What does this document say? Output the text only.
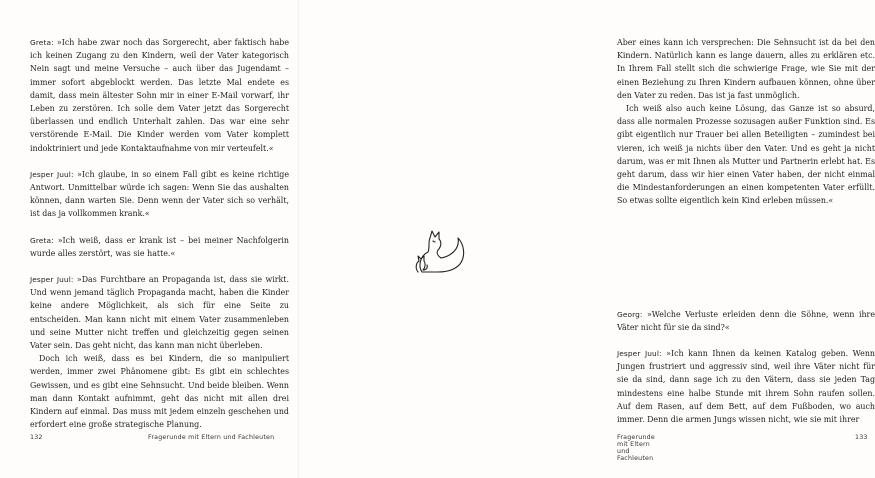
Greta: »Ich habe zwar noch das Sorgerecht, aber faktisch habe ich keinen Zugang zu den Kindern, weil der Vater kategorisch Nein sagt und meine Versuche – auch über das Jugendamt – immer sofort abgeblockt werden. Das letzte Mal endete es damit, dass mein ältester Sohn mir in einer E-Mail vorwarf, ihr Leben zu zerstören. Ich solle dem Vater jetzt das Sorgerecht überlassen und endlich Unterhalt zahlen. Das war eine sehr verstörende E-Mail. Die Kinder werden vom Vater komplett indoktriniert und jede Kontaktaufnahme von mir verteufelt.«

Jesper Juul: »Ich glaube, in so einem Fall gibt es keine richtige Antwort. Unmittelbar würde ich sagen: Wenn Sie das aushalten können, dann warten Sie. Denn wenn der Vater sich so verhält, ist das ja vollkommen krank.«

Greta: »Ich weiß, dass er krank ist – bei meiner Nachfolgerin wurde alles zerstört, was sie hatte.«

Jesper Juul: »Das Furchtbare an Propaganda ist, dass sie wirkt. Und wenn jemand täglich Propaganda macht, haben die Kinder keine andere Möglichkeit, als sich für eine Seite zu entscheiden. Man kann nicht mit einem Vater zusammenleben und seine Mutter nicht treffen und gleichzeitig gegen seinen Vater sein. Das geht nicht, das kann man nicht überleben.

Doch ich weiß, dass es bei Kindern, die so manipuliert werden, immer zwei Phänomene gibt: Es gibt ein schlechtes Gewissen, und es gibt eine Sehnsucht. Und beide bleiben. Wenn man dann Kontakt aufnimmt, geht das nicht mit allen drei Kindern auf einmal. Das muss mit jedem einzeln geschehen und erfordert eine große strategische Planung.

132	Fragerunde mit Eltern und Fachleuten

Aber eines kann ich versprechen: Die Sehnsucht ist da bei den Kindern. Natürlich kann es lange dauern, alles zu erklären etc. In Ihrem Fall stellt sich die schwierige Frage, wie Sie mit der einen Beziehung zu Ihren Kindern aufbauen können, ohne über den Vater zu reden. Das ist ja fast unmöglich.

Ich weiß also auch keine Lösung, das Ganze ist so absurd, dass alle normalen Prozesse sozusagen außer Funktion sind. Es gibt eigentlich nur Trauer bei allen Beteiligten – zumindest bei vieren, ich weiß ja nichts über den Vater. Und es geht ja nicht darum, was er mit Ihnen als Mutter und Partnerin erlebt hat. Es geht darum, dass wir hier einen Vater haben, der nicht einmal die Mindestanforderungen an einen kompetenten Vater erfüllt. So etwas sollte eigentlich kein Kind erleben müssen.«

Georg: »Welche Verluste erleiden denn die Söhne, wenn ihre Väter nicht für sie da sind?«

Jesper Juul: »Ich kann Ihnen da keinen Katalog geben. Wenn Jungen frustriert und aggressiv sind, weil ihre Väter nicht für sie da sind, dann sage ich zu den Vätern, dass sie jeden Tag mindestens eine halbe Stunde mit ihrem Sohn raufen sollen. Auf dem Rasen, auf dem Bett, auf dem Fußboden, wo auch immer. Denn die armen Jungs wissen nicht, wie sie mit ihrer

Fragerunde mit Eltern und Fachleuten
133
